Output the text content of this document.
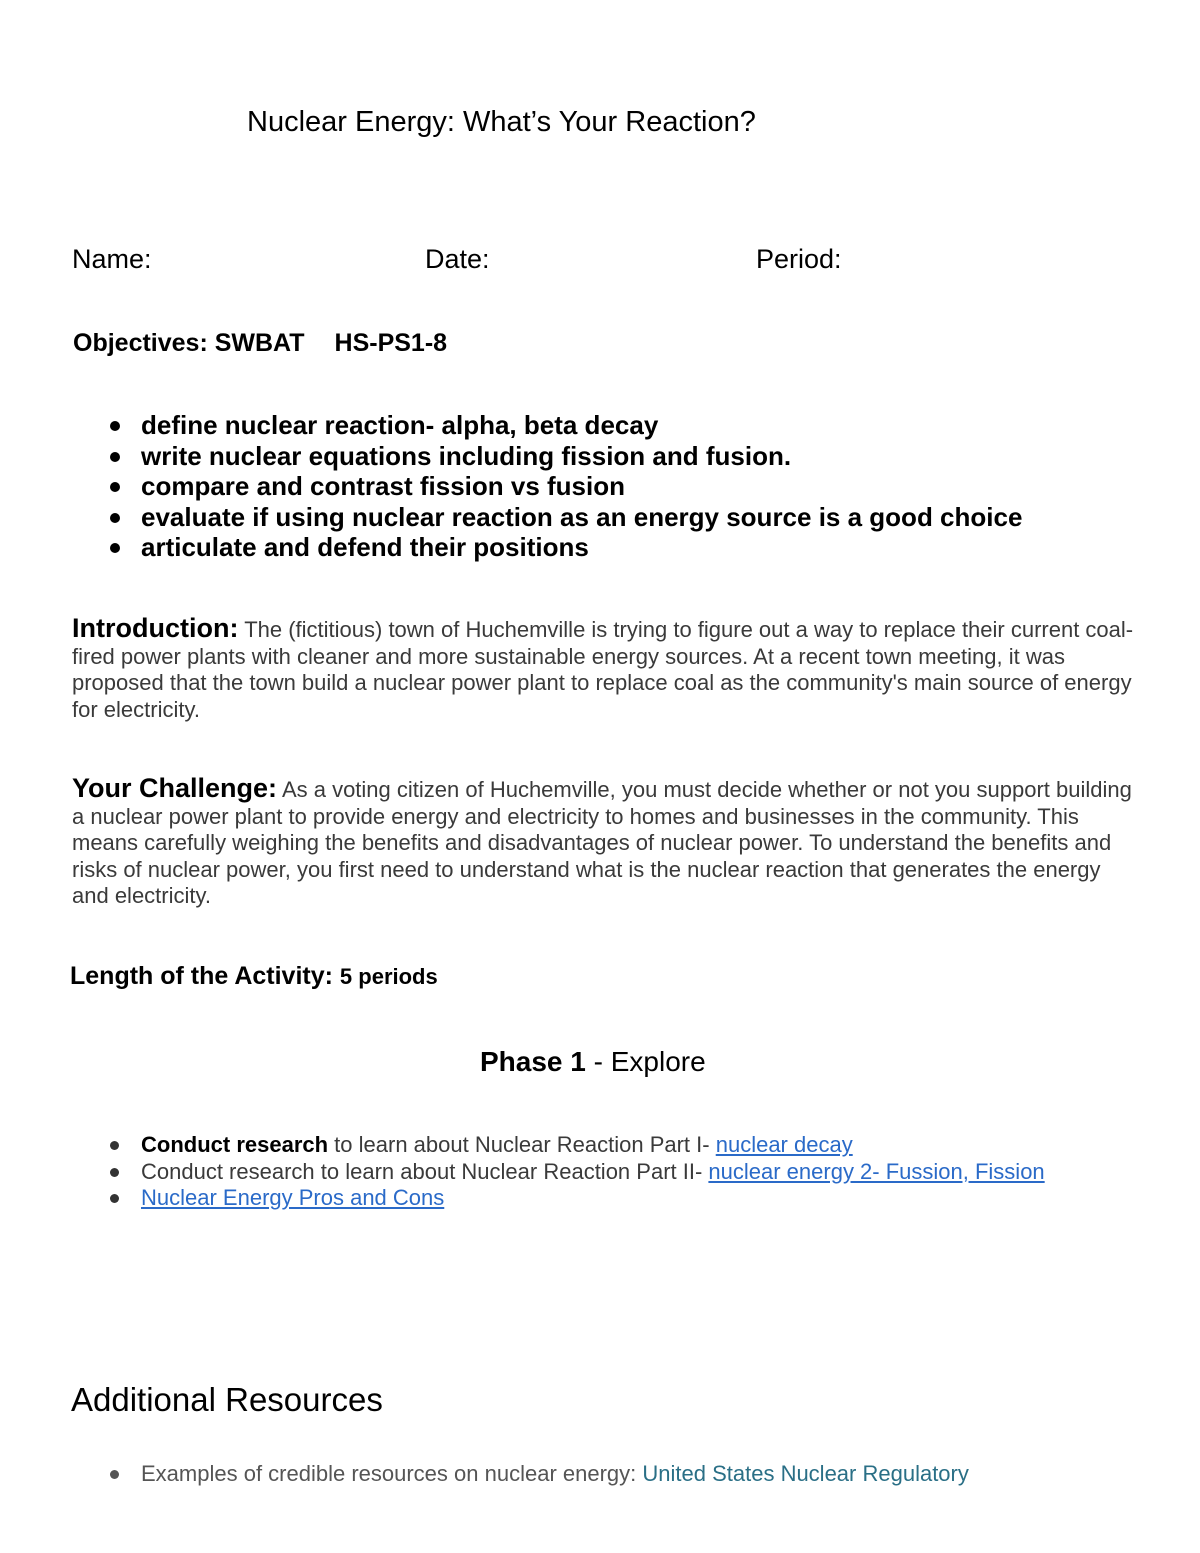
Nuclear Energy: What’s Your Reaction?
Name:	Date:	Period:
Objectives: SWBAT HS-PS1-8
define nuclear reaction- alpha, beta decay
write nuclear equations including fission and fusion.
compare and contrast fission vs fusion
evaluate if using nuclear reaction as an energy source is a good choice
articulate and defend their positions
Introduction: The (fictitious) town of Huchemville is trying to figure out a way to replace their current coal-fired power plants with cleaner and more sustainable energy sources. At a recent town meeting, it was proposed that the town build a nuclear power plant to replace coal as the community's main source of energy for electricity.
Your Challenge: As a voting citizen of Huchemville, you must decide whether or not you support building a nuclear power plant to provide energy and electricity to homes and businesses in the community. This means carefully weighing the benefits and disadvantages of nuclear power. To understand the benefits and risks of nuclear power, you first need to understand what is the nuclear reaction that generates the energy and electricity.
Length of the Activity: 5 periods
Phase 1 - Explore
Conduct research to learn about Nuclear Reaction Part I- nuclear decay
Conduct research to learn about Nuclear Reaction Part II- nuclear energy 2- Fussion, Fission
Nuclear Energy Pros and Cons
Additional Resources
Examples of credible resources on nuclear energy: United States Nuclear Regulatory
